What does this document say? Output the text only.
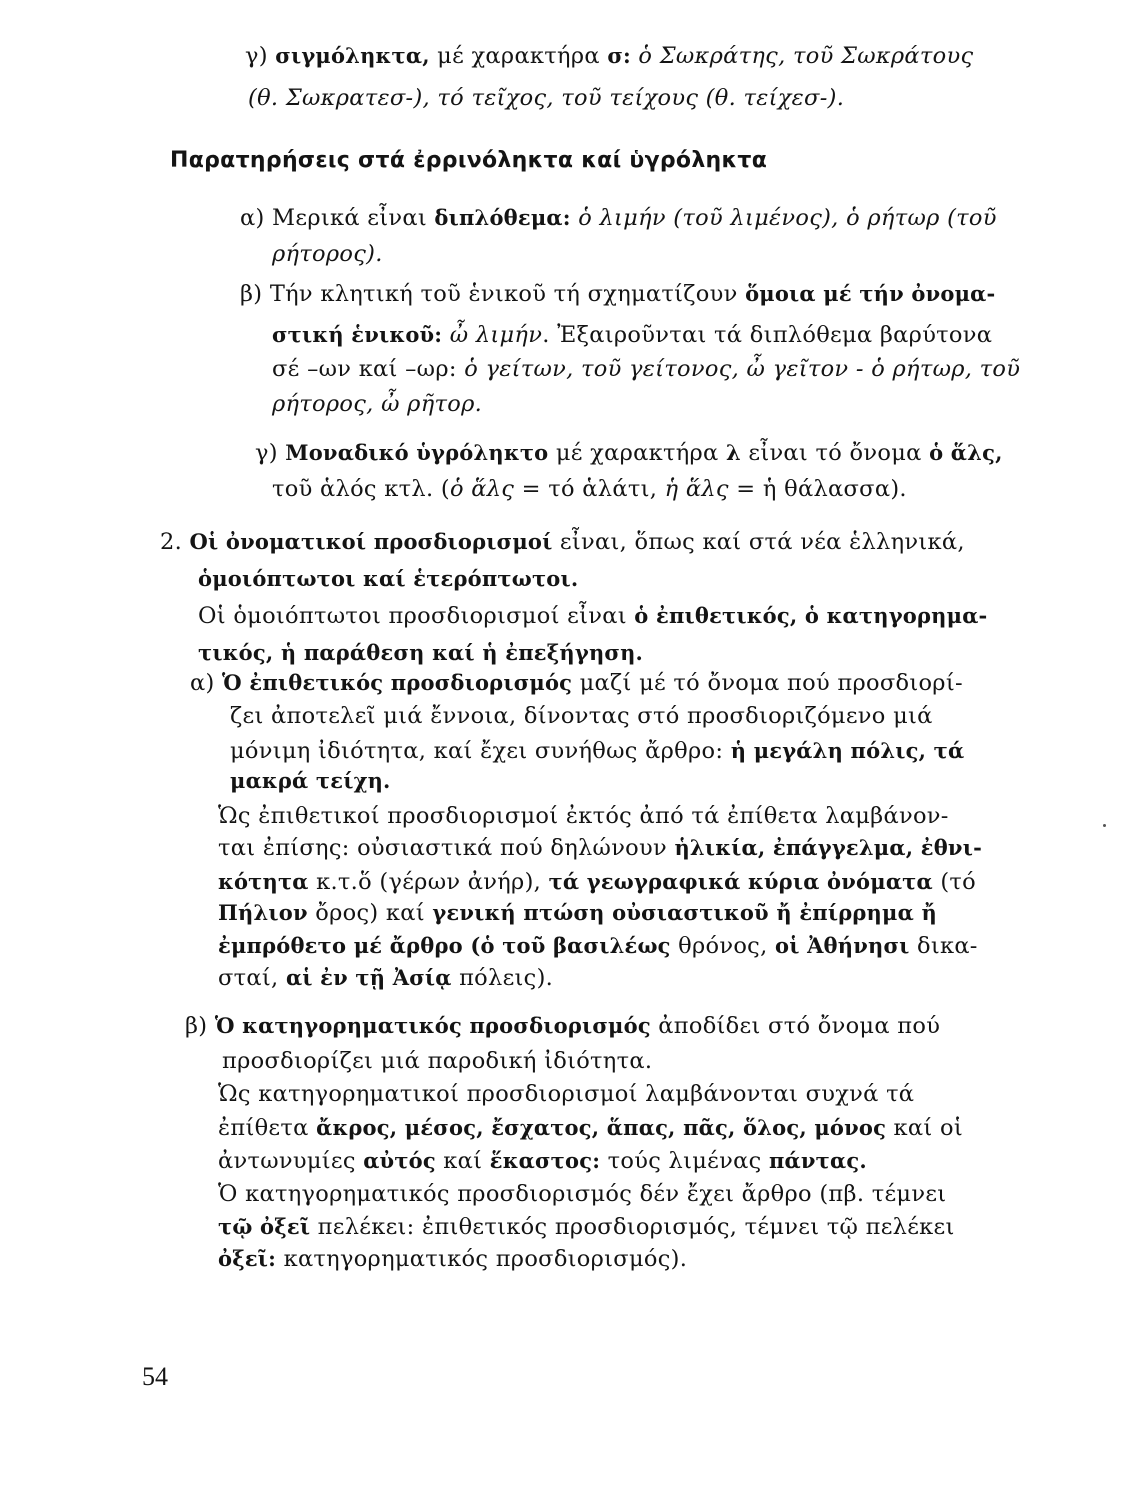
γ) σιγμόληκτα, μέ χαρακτήρα σ: ὁ Σωκράτης, τοῦ Σωκράτους
(θ. Σωκρατεσ-), τό τεῖχος, τοῦ τείχους (θ. τείχεσ-).
Παρατηρήσεις στά ἐρρινόληκτα καί ὑγρόληκτα
α) Μερικά εἶναι διπλόθεμα: ὁ λιμήν (τοῦ λιμένος), ὁ ρήτωρ (τοῦ
ρήτορος).
β) Τήν κλητική τοῦ ἑνικοῦ τή σχηματίζουν ὅμοια μέ τήν ὀνομα-
στική ἑνικοῦ: ὦ λιμήν. Ἐξαιροῦνται τά διπλόθεμα βαρύτονα
σέ –ων καί –ωρ: ὁ γείτων, τοῦ γείτονος, ὦ γεῖτον - ὁ ρήτωρ, τοῦ
ρήτορος, ὦ ρῆτορ.
γ) Μοναδικό ὑγρόληκτο μέ χαρακτήρα λ εἶναι τό ὄνομα ὁ ἅλς,
τοῦ ἁλός κτλ. (ὁ ἅλς = τό ἁλάτι, ἡ ἅλς = ἡ θάλασσα).
2. Οἱ ὀνοματικοί προσδιορισμοί εἶναι, ὅπως καί στά νέα ἑλληνικά,
ὁμοιόπτωτοι καί ἑτερόπτωτοι.
Οἱ ὁμοιόπτωτοι προσδιορισμοί εἶναι ὁ ἐπιθετικός, ὁ κατηγορημα-
τικός, ἡ παράθεση καί ἡ ἐπεξήγηση.
α) Ὁ ἐπιθετικός προσδιορισμός μαζί μέ τό ὄνομα πού προσδιορί-
ζει ἀποτελεῖ μιά ἔννοια, δίνοντας στό προσδιοριζόμενο μιά
μόνιμη ἰδιότητα, καί ἔχει συνήθως ἄρθρο: ἡ μεγάλη πόλις, τά
μακρά τείχη.
Ὡς ἐπιθετικοί προσδιορισμοί ἐκτός ἀπό τά ἐπίθετα λαμβάνον-
ται ἐπίσης: οὐσιαστικά πού δηλώνουν ἡλικία, ἐπάγγελμα, ἐθνι-
κότητα κ.τ.ὅ (γέρων ἀνήρ), τά γεωγραφικά κύρια ὀνόματα (τό
Πήλιον ὄρος) καί γενική πτώση οὐσιαστικοῦ ἤ ἐπίρρημα ἤ
ἐμπρόθετο μέ ἄρθρο (ὁ τοῦ βασιλέως θρόνος, οἱ Ἀθήνησι δικα-
σταί, αἱ ἐν τῇ Ἀσίᾳ πόλεις).
β) Ὁ κατηγορηματικός προσδιορισμός ἀποδίδει στό ὄνομα πού
προσδιορίζει μιά παροδική ἰδιότητα.
Ὡς κατηγορηματικοί προσδιορισμοί λαμβάνονται συχνά τά
ἐπίθετα ἄκρος, μέσος, ἔσχατος, ἅπας, πᾶς, ὅλος, μόνος καί οἱ
ἀντωνυμίες αὐτός καί ἕκαστος: τούς λιμένας πάντας.
Ὁ κατηγορηματικός προσδιορισμός δέν ἔχει ἄρθρο (πβ. τέμνει
τῷ ὀξεῖ πελέκει: ἐπιθετικός προσδιορισμός, τέμνει τῷ πελέκει
ὀξεῖ: κατηγορηματικός προσδιορισμός).
54
